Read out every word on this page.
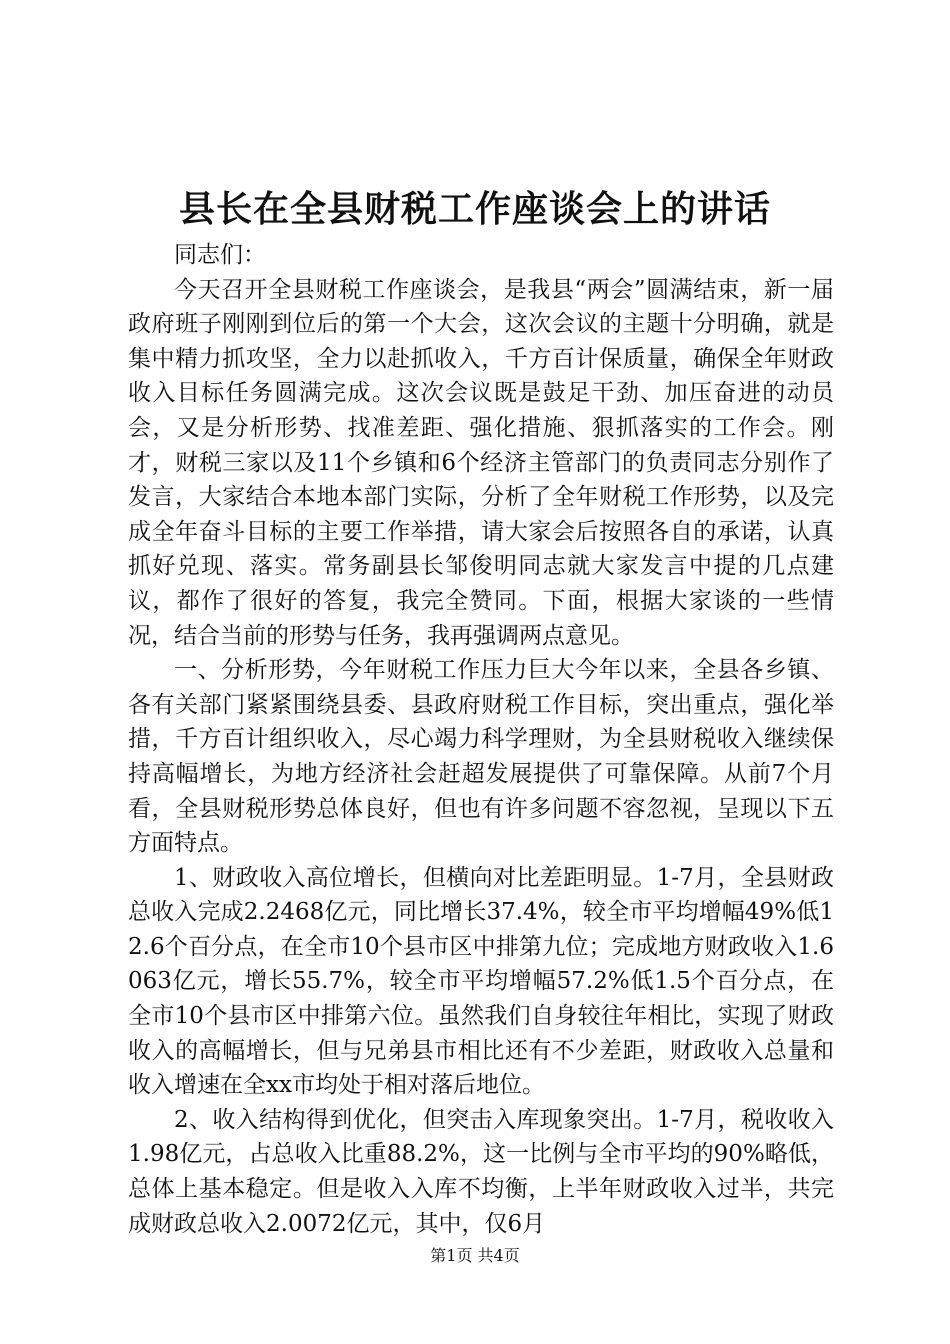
县长在全县财税工作座谈会上的讲话

同志们：

今天召开全县财税工作座谈会，是我县“两会”圆满结束，新一届政府班子刚刚到位后的第一个大会，这次会议的主题十分明确，就是集中精力抓攻坚，全力以赴抓收入，千方百计保质量，确保全年财政收入目标任务圆满完成。这次会议既是鼓足干劲、加压奋进的动员会，又是分析形势、找准差距、强化措施、狠抓落实的工作会。刚才，财税三家以及11个乡镇和6个经济主管部门的负责同志分别作了发言，大家结合本地本部门实际，分析了全年财税工作形势，以及完成全年奋斗目标的主要工作举措，请大家会后按照各自的承诺，认真抓好兑现、落实。常务副县长邹俊明同志就大家发言中提的几点建议，都作了很好的答复，我完全赞同。下面，根据大家谈的一些情况，结合当前的形势与任务，我再强调两点意见。

一、分析形势，今年财税工作压力巨大今年以来，全县各乡镇、各有关部门紧紧围绕县委、县政府财税工作目标，突出重点，强化举措，千方百计组织收入，尽心竭力科学理财，为全县财税收入继续保持高幅增长，为地方经济社会赶超发展提供了可靠保障。从前7个月看，全县财税形势总体良好，但也有许多问题不容忽视，呈现以下五方面特点。

1、财政收入高位增长，但横向对比差距明显。1-7月，全县财政总收入完成2.2468亿元，同比增长37.4%，较全市平均增幅49%低12.6个百分点，在全市10个县市区中排第九位；完成地方财政收入1.6063亿元，增长55.7%，较全市平均增幅57.2%低1.5个百分点，在全市10个县市区中排第六位。虽然我们自身较往年相比，实现了财政收入的高幅增长，但与兄弟县市相比还有不少差距，财政收入总量和收入增速在全xx市均处于相对落后地位。

2、收入结构得到优化，但突击入库现象突出。1-7月，税收收入1.98亿元，占总收入比重88.2%，这一比例与全市平均的90%略低，总体上基本稳定。但是收入入库不均衡，上半年财政收入过半，共完成财政总收入2.0072亿元，其中，仅6月

第1页 共4页
